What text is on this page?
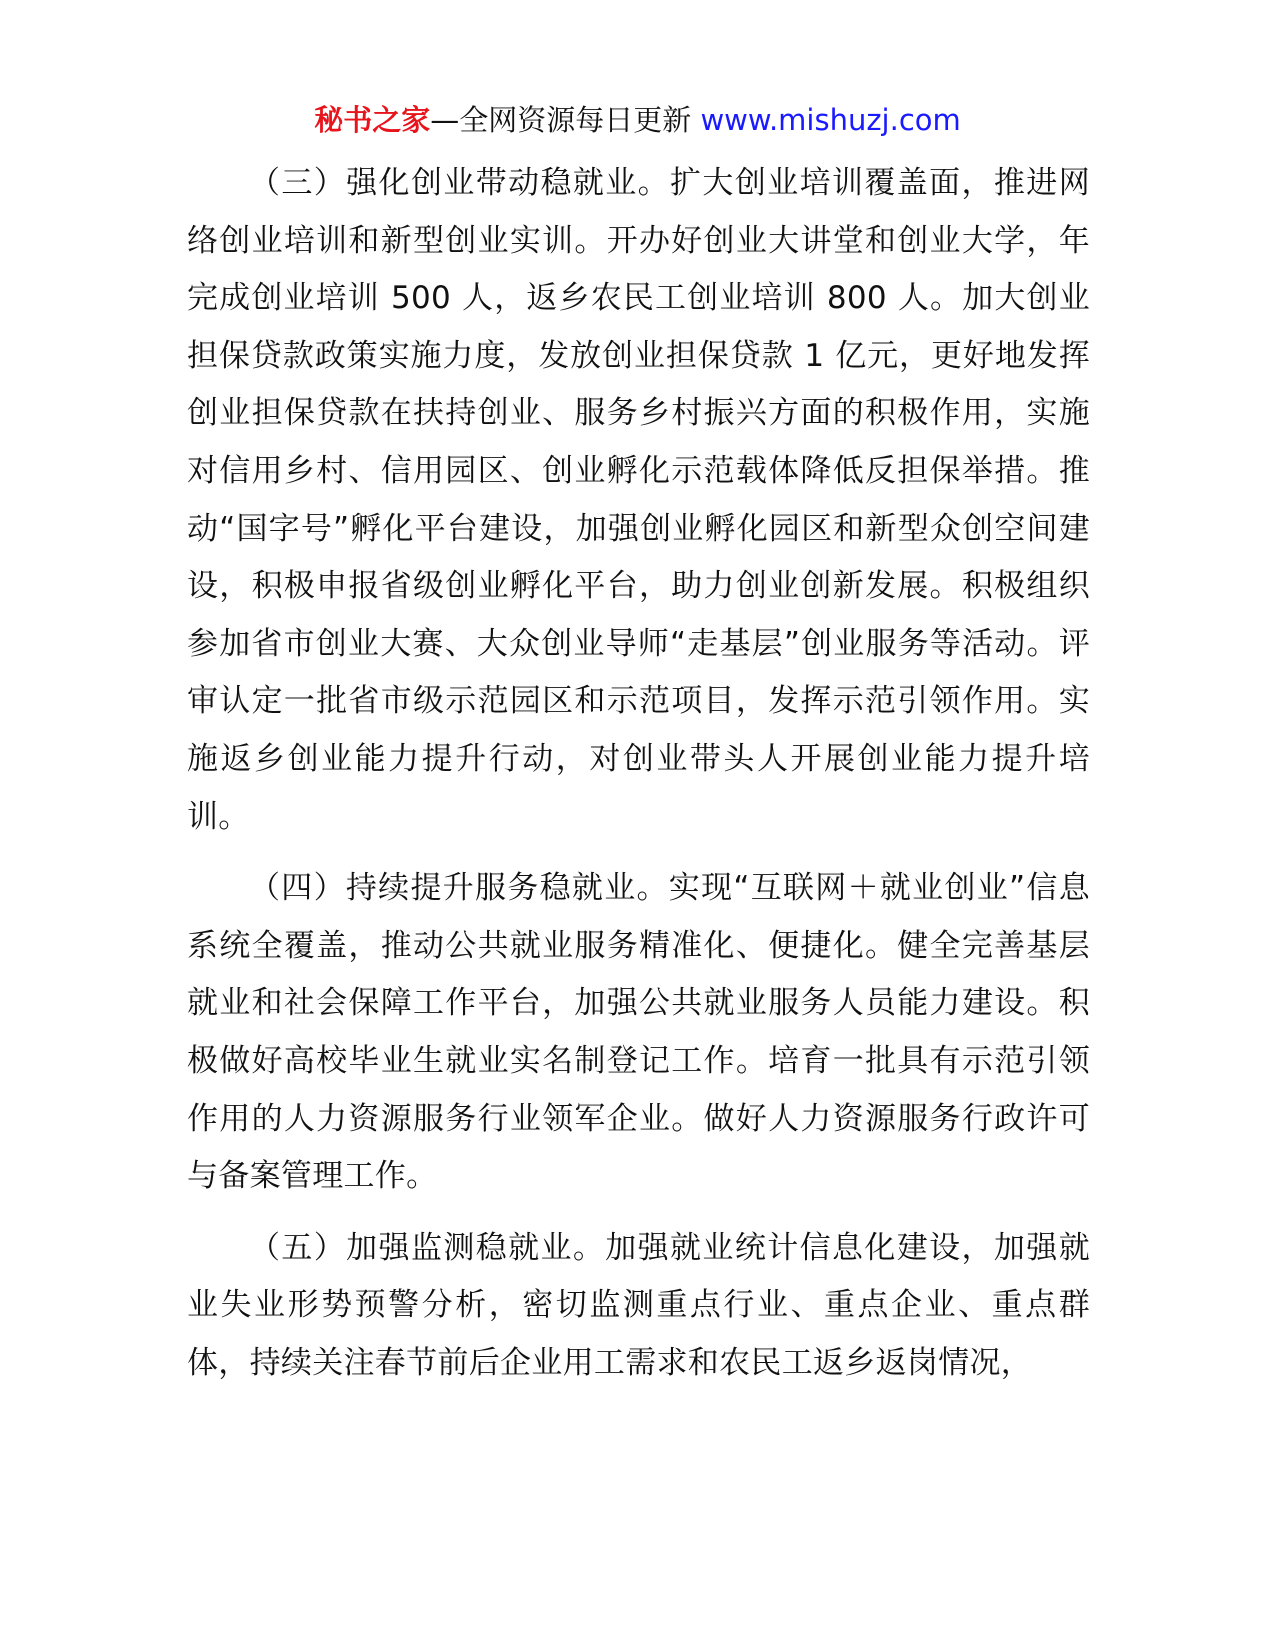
秘书之家—全网资源每日更新 www.mishuzj.com

（三）强化创业带动稳就业。扩大创业培训覆盖面，推进网络创业培训和新型创业实训。开办好创业大讲堂和创业大学，年完成创业培训 500 人，返乡农民工创业培训 800 人。加大创业担保贷款政策实施力度，发放创业担保贷款 1 亿元，更好地发挥创业担保贷款在扶持创业、服务乡村振兴方面的积极作用，实施对信用乡村、信用园区、创业孵化示范载体降低反担保举措。推动“国字号”孵化平台建设，加强创业孵化园区和新型众创空间建设，积极申报省级创业孵化平台，助力创业创新发展。积极组织参加省市创业大赛、大众创业导师“走基层”创业服务等活动。评审认定一批省市级示范园区和示范项目，发挥示范引领作用。实施返乡创业能力提升行动，对创业带头人开展创业能力提升培训。

（四）持续提升服务稳就业。实现“互联网＋就业创业”信息系统全覆盖，推动公共就业服务精准化、便捷化。健全完善基层就业和社会保障工作平台，加强公共就业服务人员能力建设。积极做好高校毕业生就业实名制登记工作。培育一批具有示范引领作用的人力资源服务行业领军企业。做好人力资源服务行政许可与备案管理工作。

（五）加强监测稳就业。加强就业统计信息化建设，加强就业失业形势预警分析，密切监测重点行业、重点企业、重点群体，持续关注春节前后企业用工需求和农民工返乡返岗情况，
